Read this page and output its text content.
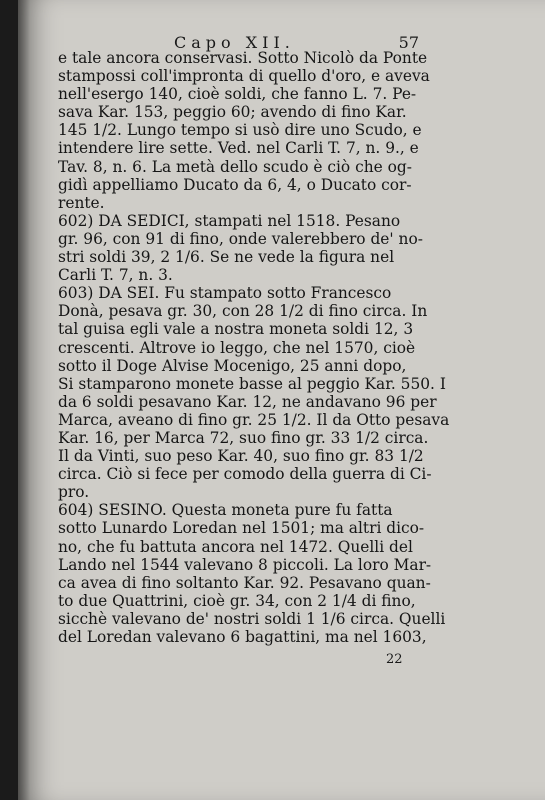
Capo XII.	57
e tale ancora conservasi. Sotto Nicolò da Ponte
stampossi coll'impronta di quello d'oro, e aveva
nell'esergo 140, cioè soldi, che fanno L. 7. Pe-
sava Kar. 153, peggio 60; avendo di fino Kar.
145 1/2. Lungo tempo si usò dire uno Scudo, e
intendere lire sette. Ved. nel Carli T. 7, n. 9., e
Tav. 8, n. 6. La metà dello scudo è ciò che og-
gidì appelliamo Ducato da 6, 4, o Ducato cor-
rente.
602) DA SEDICI, stampati nel 1518. Pesano
gr. 96, con 91 di fino, onde valerebbero de' no-
stri soldi 39, 2 1/6. Se ne vede la figura nel
Carli T. 7, n. 3.
603) DA SEI. Fu stampato sotto Francesco
Donà, pesava gr. 30, con 28 1/2 di fino circa. In
tal guisa egli vale a nostra moneta soldi 12, 3
crescenti. Altrove io leggo, che nel 1570, cioè
sotto il Doge Alvise Mocenigo, 25 anni dopo,
Si stamparono monete basse al peggio Kar. 550. I
da 6 soldi pesavano Kar. 12, ne andavano 96 per
Marca, aveano di fino gr. 25 1/2. Il da Otto pesava
Kar. 16, per Marca 72, suo fino gr. 33 1/2 circa.
Il da Vinti, suo peso Kar. 40, suo fino gr. 83 1/2
circa. Ciò si fece per comodo della guerra di Ci-
pro.
604) SESINO. Questa moneta pure fu fatta
sotto Lunardo Loredan nel 1501; ma altri dico-
no, che fu battuta ancora nel 1472. Quelli del
Lando nel 1544 valevano 8 piccoli. La loro Mar-
ca avea di fino soltanto Kar. 92. Pesavano quan-
to due Quattrini, cioè gr. 34, con 2 1/4 di fino,
sicchè valevano de' nostri soldi 1 1/6 circa. Quelli
del Loredan valevano 6 bagattini, ma nel 1603,
22
